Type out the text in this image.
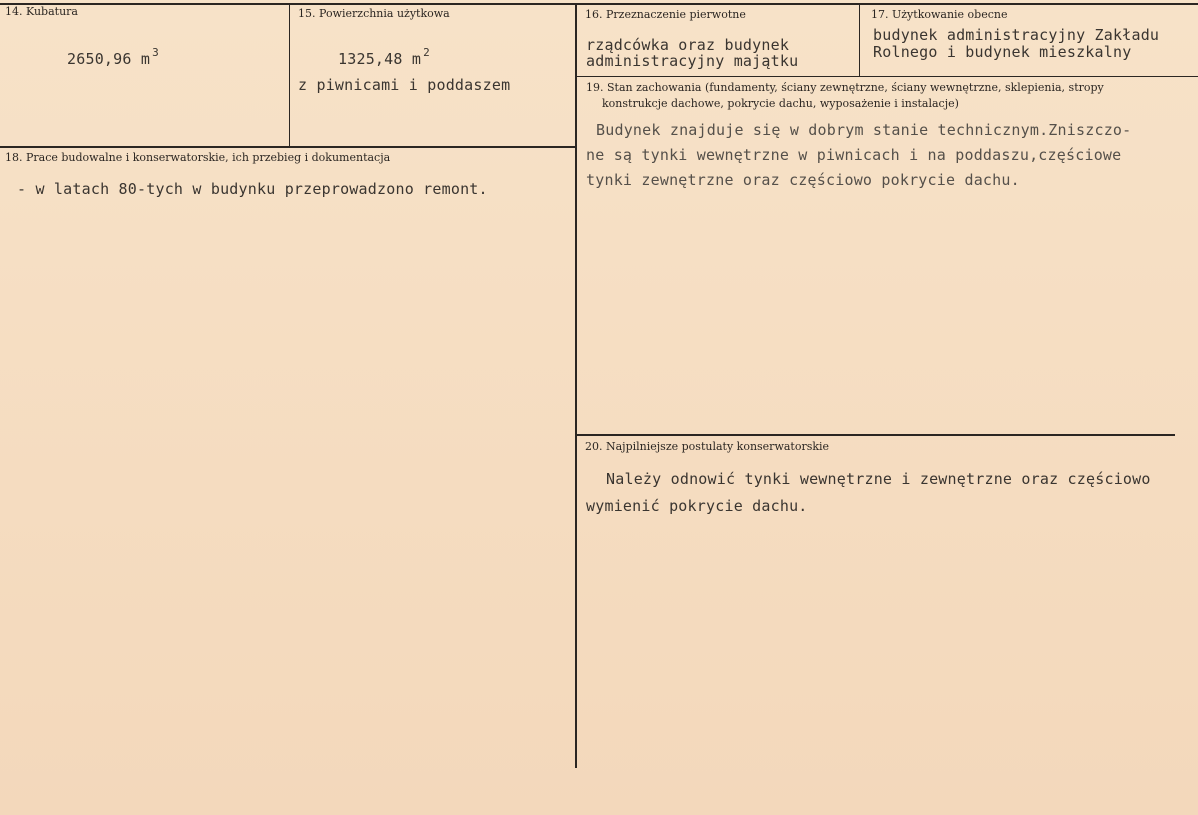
14. Kubatura
2650,96 m $^3$
15. Powierzchnia użytkowa
1325,48 m $^2$
z piwnicami i poddaszem
16. Przeznaczenie pierwotne
rządcówka oraz budynek
administracyjny majątku
17. Użytkowanie obecne
budynek administracyjny Zakładu
Rolnego i budynek mieszkalny
18. Prace budowalne i konserwatorskie, ich przebieg i dokumentacja
- w latach 80-tych w budynku przeprowadzono remont.
19. Stan zachowania (fundamenty, ściany zewnętrzne, ściany wewnętrzne, sklepienia, stropy
konstrukcje dachowe, pokrycie dachu, wyposażenie i instalacje)
Budynek znajduje się w dobrym stanie technicznym.Zniszczo-
ne są tynki wewnętrzne w piwnicach i na poddaszu,częściowe
tynki zewnętrzne oraz częściowo pokrycie dachu.
20. Najpilniejsze postulaty konserwatorskie
Należy odnowić tynki wewnętrzne i zewnętrzne oraz częściowo
wymienić pokrycie dachu.
